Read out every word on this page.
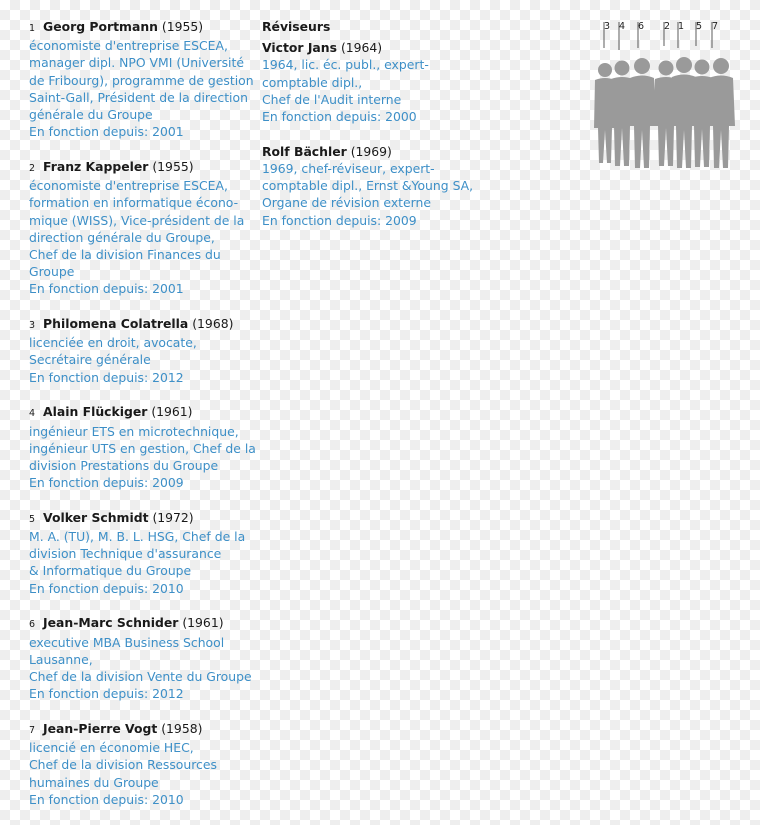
1 Georg Portmann (1955)
économiste d'entreprise ESCEA,
manager dipl. NPO VMI (Université
de Fribourg), programme de gestion
Saint-Gall, Président de la direction
générale du Groupe
En fonction depuis: 2001
2 Franz Kappeler (1955)
économiste d'entreprise ESCEA,
formation en informatique écono-
mique (WISS), Vice-président de la
direction générale du Groupe,
Chef de la division Finances du
Groupe
En fonction depuis: 2001
3 Philomena Colatrella (1968)
licenciée en droit, avocate,
Secrétaire générale
En fonction depuis: 2012
4 Alain Flückiger (1961)
ingénieur ETS en microtechnique,
ingénieur UTS en gestion, Chef de la
division Prestations du Groupe
En fonction depuis: 2009
5 Volker Schmidt (1972)
M. A. (TU), M. B. L. HSG, Chef de la
division Technique d'assurance
& Informatique du Groupe
En fonction depuis: 2010
6 Jean-Marc Schnider (1961)
executive MBA Business School
Lausanne,
Chef de la division Vente du Groupe
En fonction depuis: 2012
7 Jean-Pierre Vogt (1958)
licencié en économie HEC,
Chef de la division Ressources
humaines du Groupe
En fonction depuis: 2010
Réviseurs
Victor Jans (1964)
1964, lic. éc. publ., expert-
comptable dipl.,
Chef de l'Audit interne
En fonction depuis: 2000
Rolf Bächler (1969)
1969, chef-réviseur, expert-
comptable dipl., Ernst &Young SA,
Organe de révision externe
En fonction depuis: 2009
3 4 6 2 1 5 7
